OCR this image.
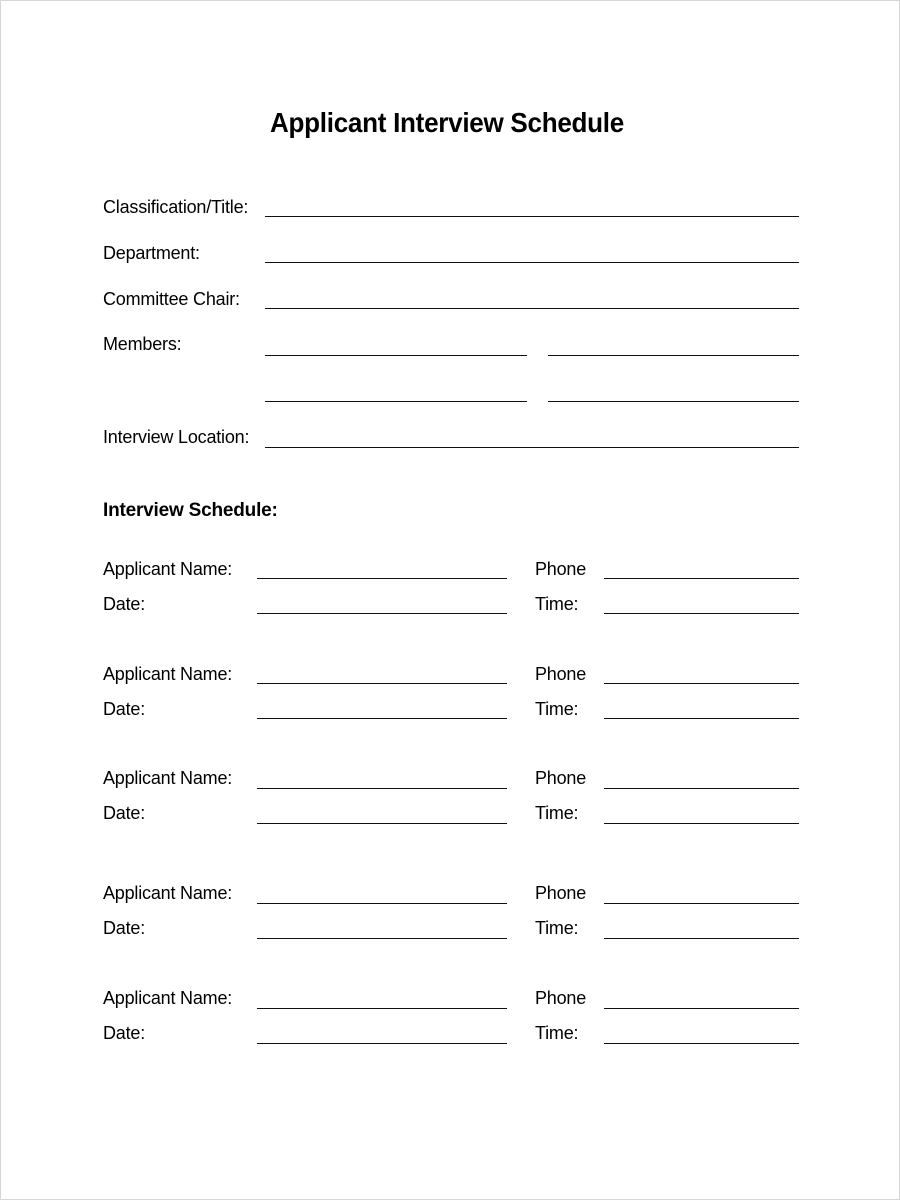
Applicant Interview Schedule
Classification/Title:
Department:
Committee Chair:
Members:
Interview Location:
Interview Schedule:
Applicant Name:	Phone
Date:	Time:
Applicant Name:	Phone
Date:	Time:
Applicant Name:	Phone
Date:	Time:
Applicant Name:	Phone
Date:	Time:
Applicant Name:	Phone
Date:	Time:
